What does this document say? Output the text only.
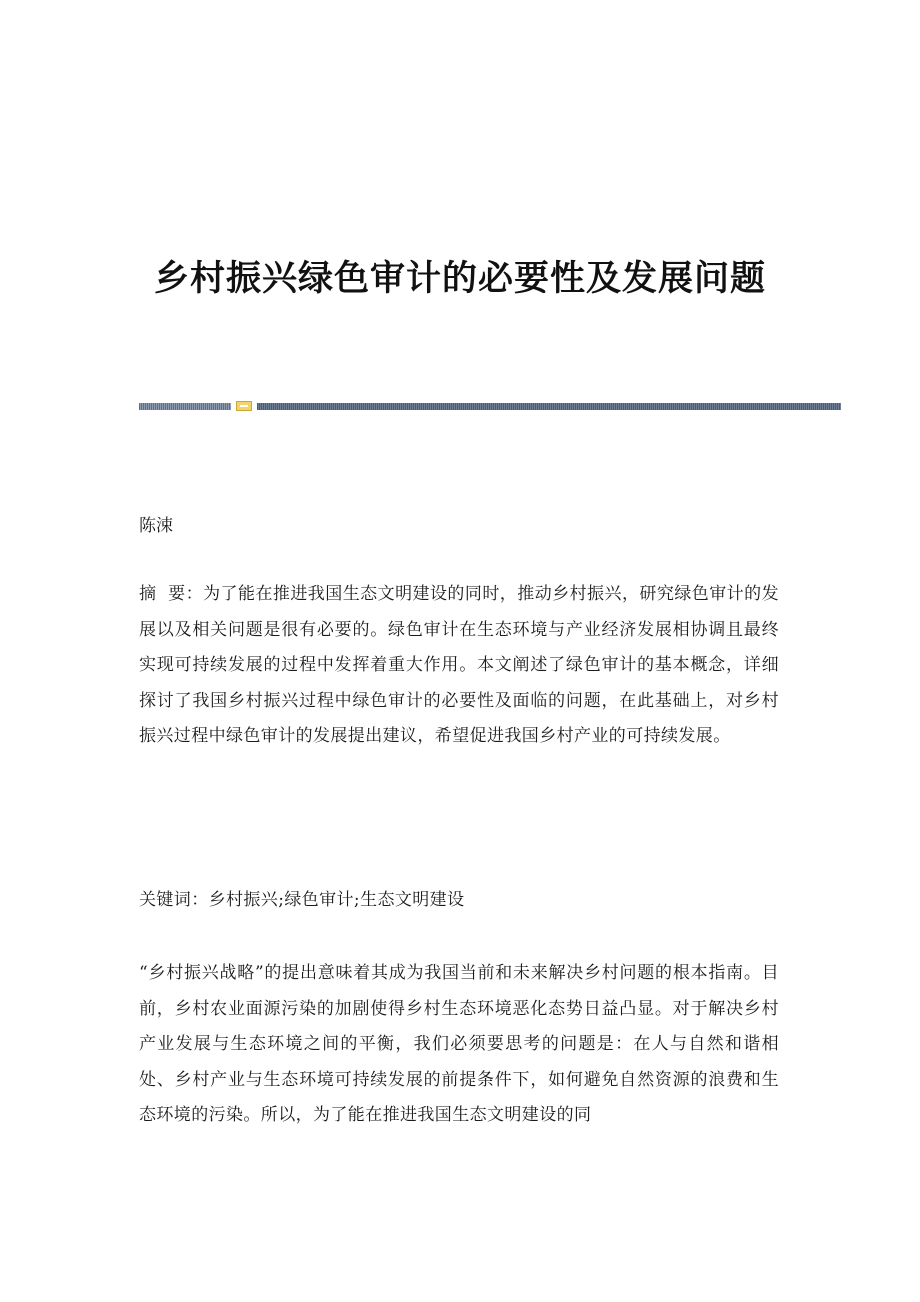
乡村振兴绿色审计的必要性及发展问题
陈涑

摘  要：为了能在推进我国生态文明建设的同时，推动乡村振兴，研究绿色审计的发展以及相关问题是很有必要的。绿色审计在生态环境与产业经济发展相协调且最终实现可持续发展的过程中发挥着重大作用。本文阐述了绿色审计的基本概念，详细探讨了我国乡村振兴过程中绿色审计的必要性及面临的问题，在此基础上，对乡村振兴过程中绿色审计的发展提出建议，希望促进我国乡村产业的可持续发展。

关键词：乡村振兴;绿色审计;生态文明建设

“乡村振兴战略”的提出意味着其成为我国当前和未来解决乡村问题的根本指南。目前，乡村农业面源污染的加剧使得乡村生态环境恶化态势日益凸显。对于解决乡村产业发展与生态环境之间的平衡，我们必须要思考的问题是：在人与自然和谐相处、乡村产业与生态环境可持续发展的前提条件下，如何避免自然资源的浪费和生态环境的污染。所以，为了能在推进我国生态文明建设的同
